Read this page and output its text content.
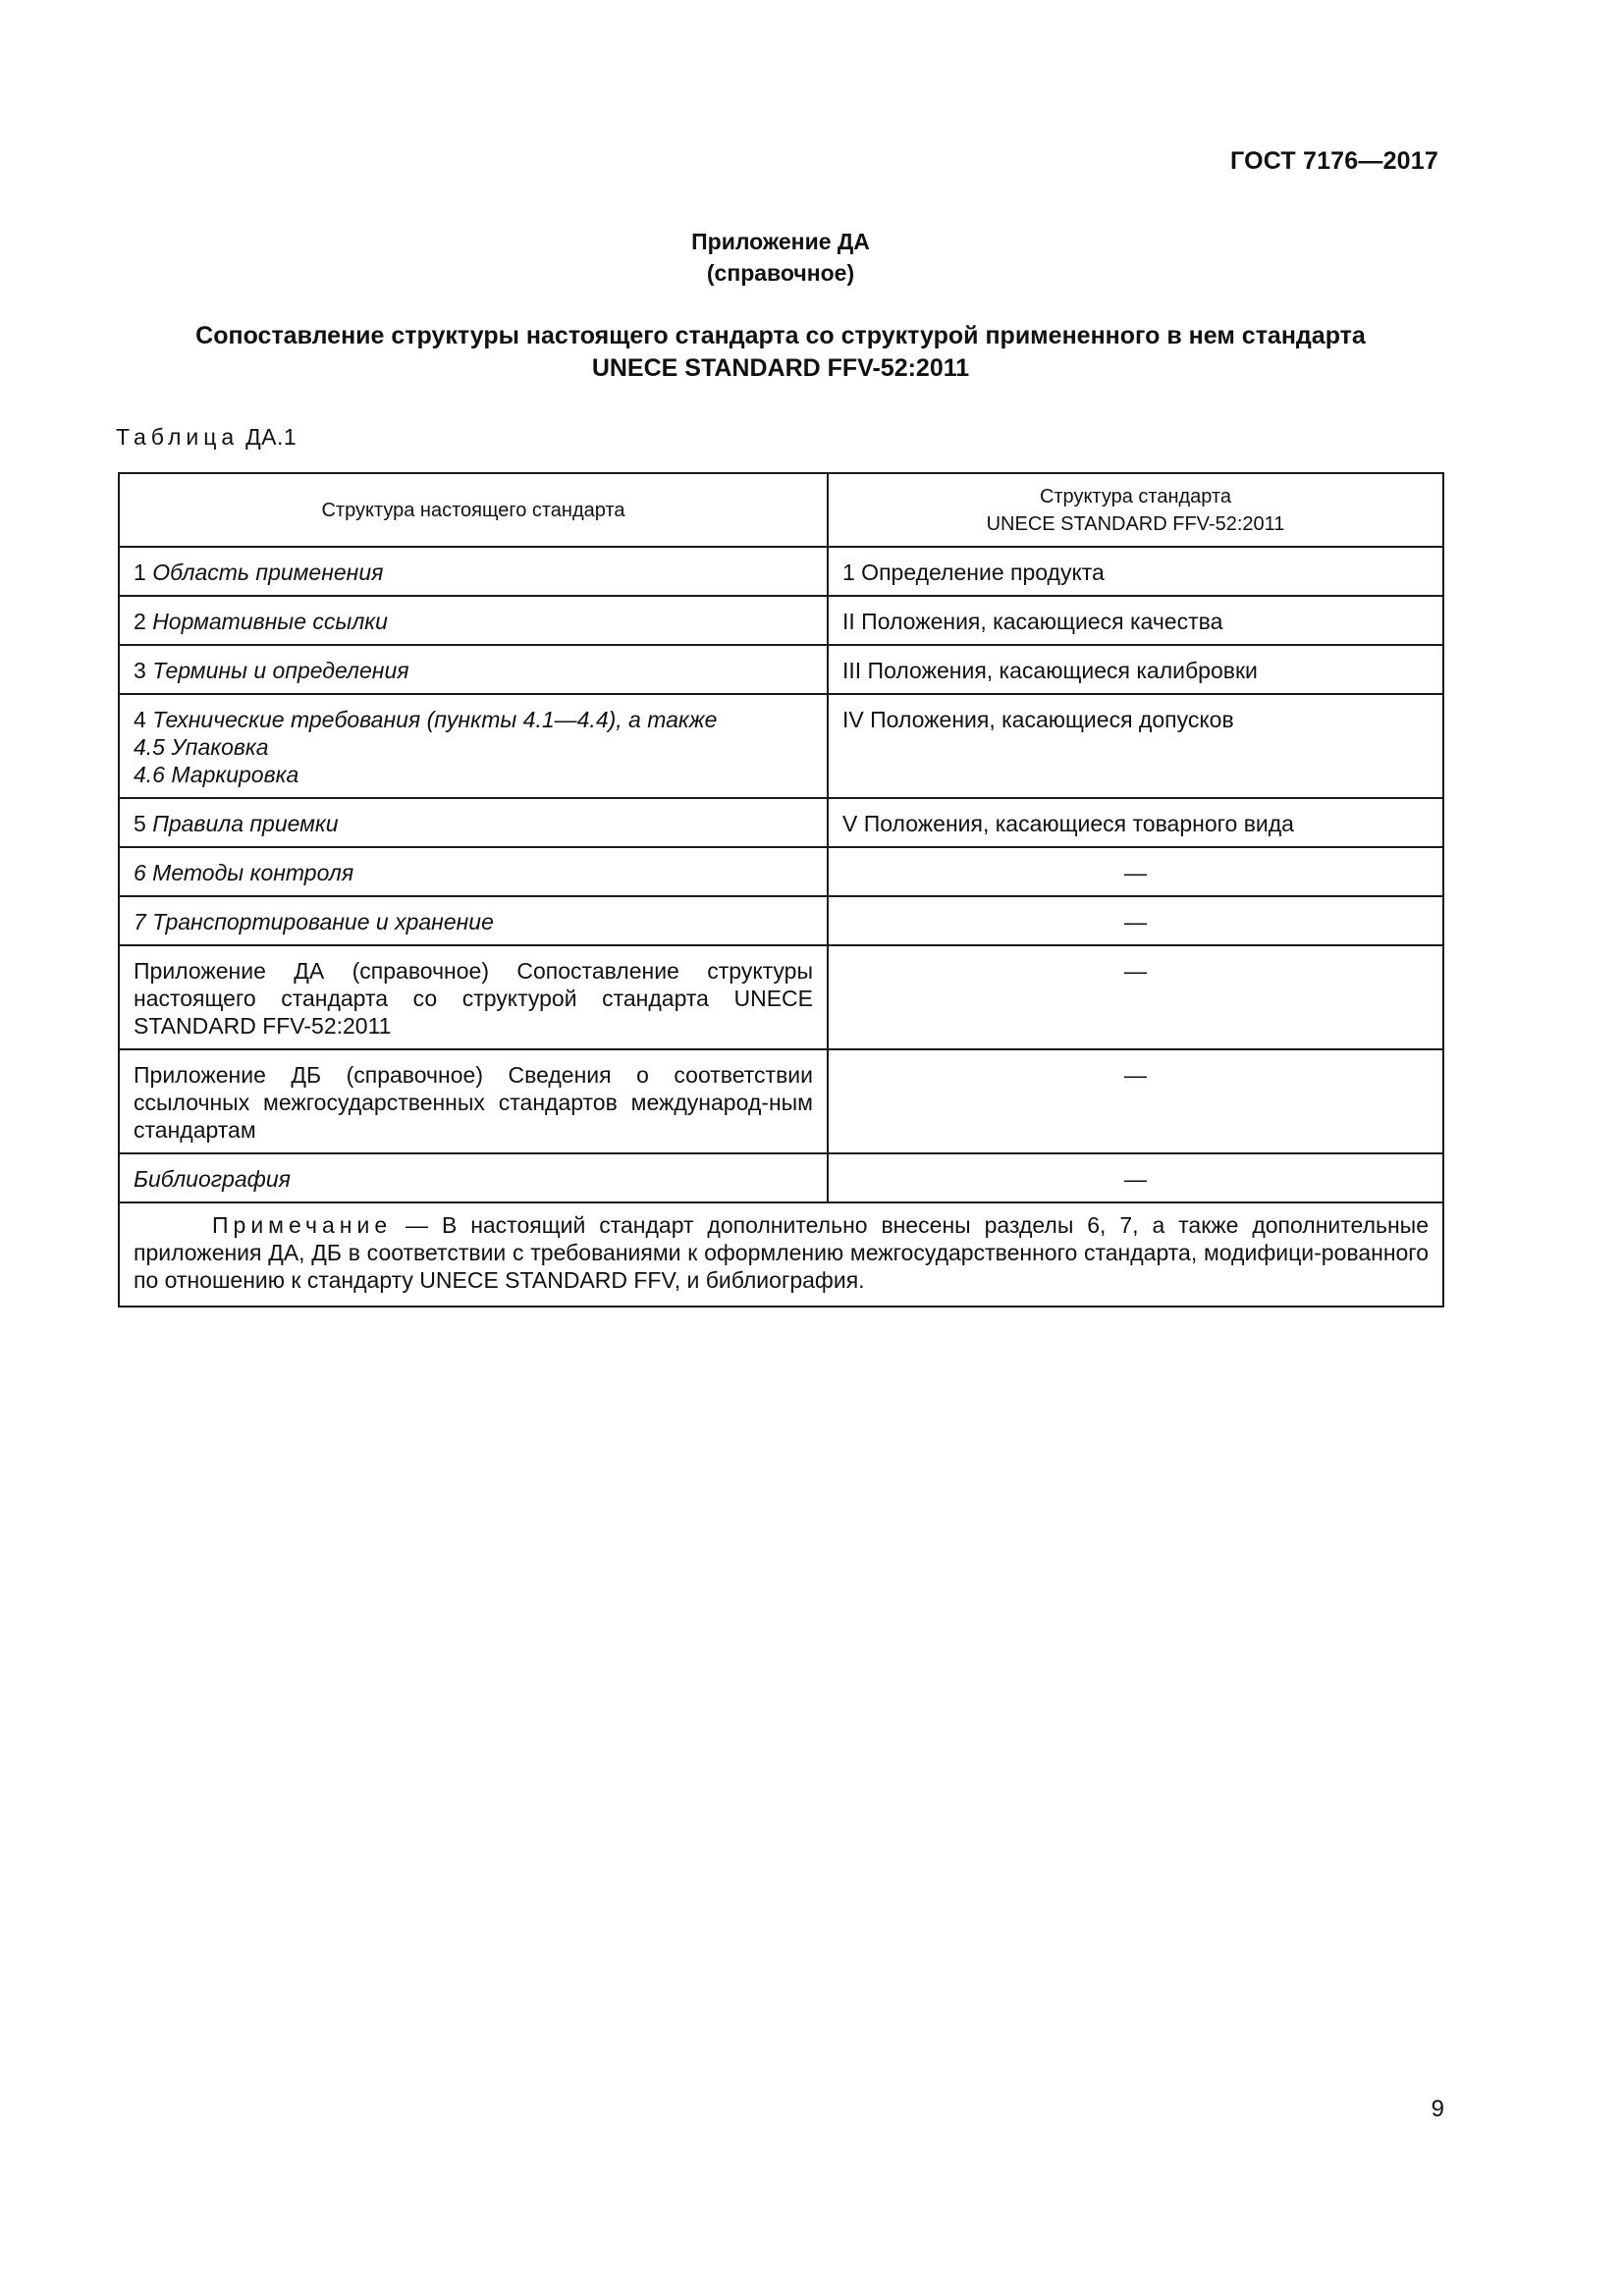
ГОСТ 7176—2017
Приложение ДА
(справочное)
Сопоставление структуры настоящего стандарта со структурой примененного в нем стандарта
UNECE STANDARD FFV-52:2011
Таблица ДА.1
Структура настоящего стандарта	Структура стандарта
UNECE STANDARD FFV-52:2011

1 Область применения	1 Определение продукта
2 Нормативные ссылки	II Положения, касающиеся качества
3 Термины и определения	III Положения, касающиеся калибровки

4 Технические требования (пункты 4.1—4.4), а также
4.5 Упаковка
4.6 Маркировка	IV Положения, касающиеся допусков
5 Правила приемки	V Положения, касающиеся товарного вида
6 Методы контроля	—
7 Транспортирование и хранение	—
Приложение ДА (справочное) Сопоставление структуры настоящего стандарта со структурой стандарта UNECE STANDARD FFV-52:2011	—
Приложение ДБ (справочное) Сведения о соответствии ссылочных межгосударственных стандартов международ-ным стандартам	—
Библиография	—
Примечание — В настоящий стандарт дополнительно внесены разделы 6, 7, а также дополнительные приложения ДА, ДБ в соответствии с требованиями к оформлению межгосударственного стандарта, модифици-рованного по отношению к стандарту UNECE STANDARD FFV, и библиография.	
9
